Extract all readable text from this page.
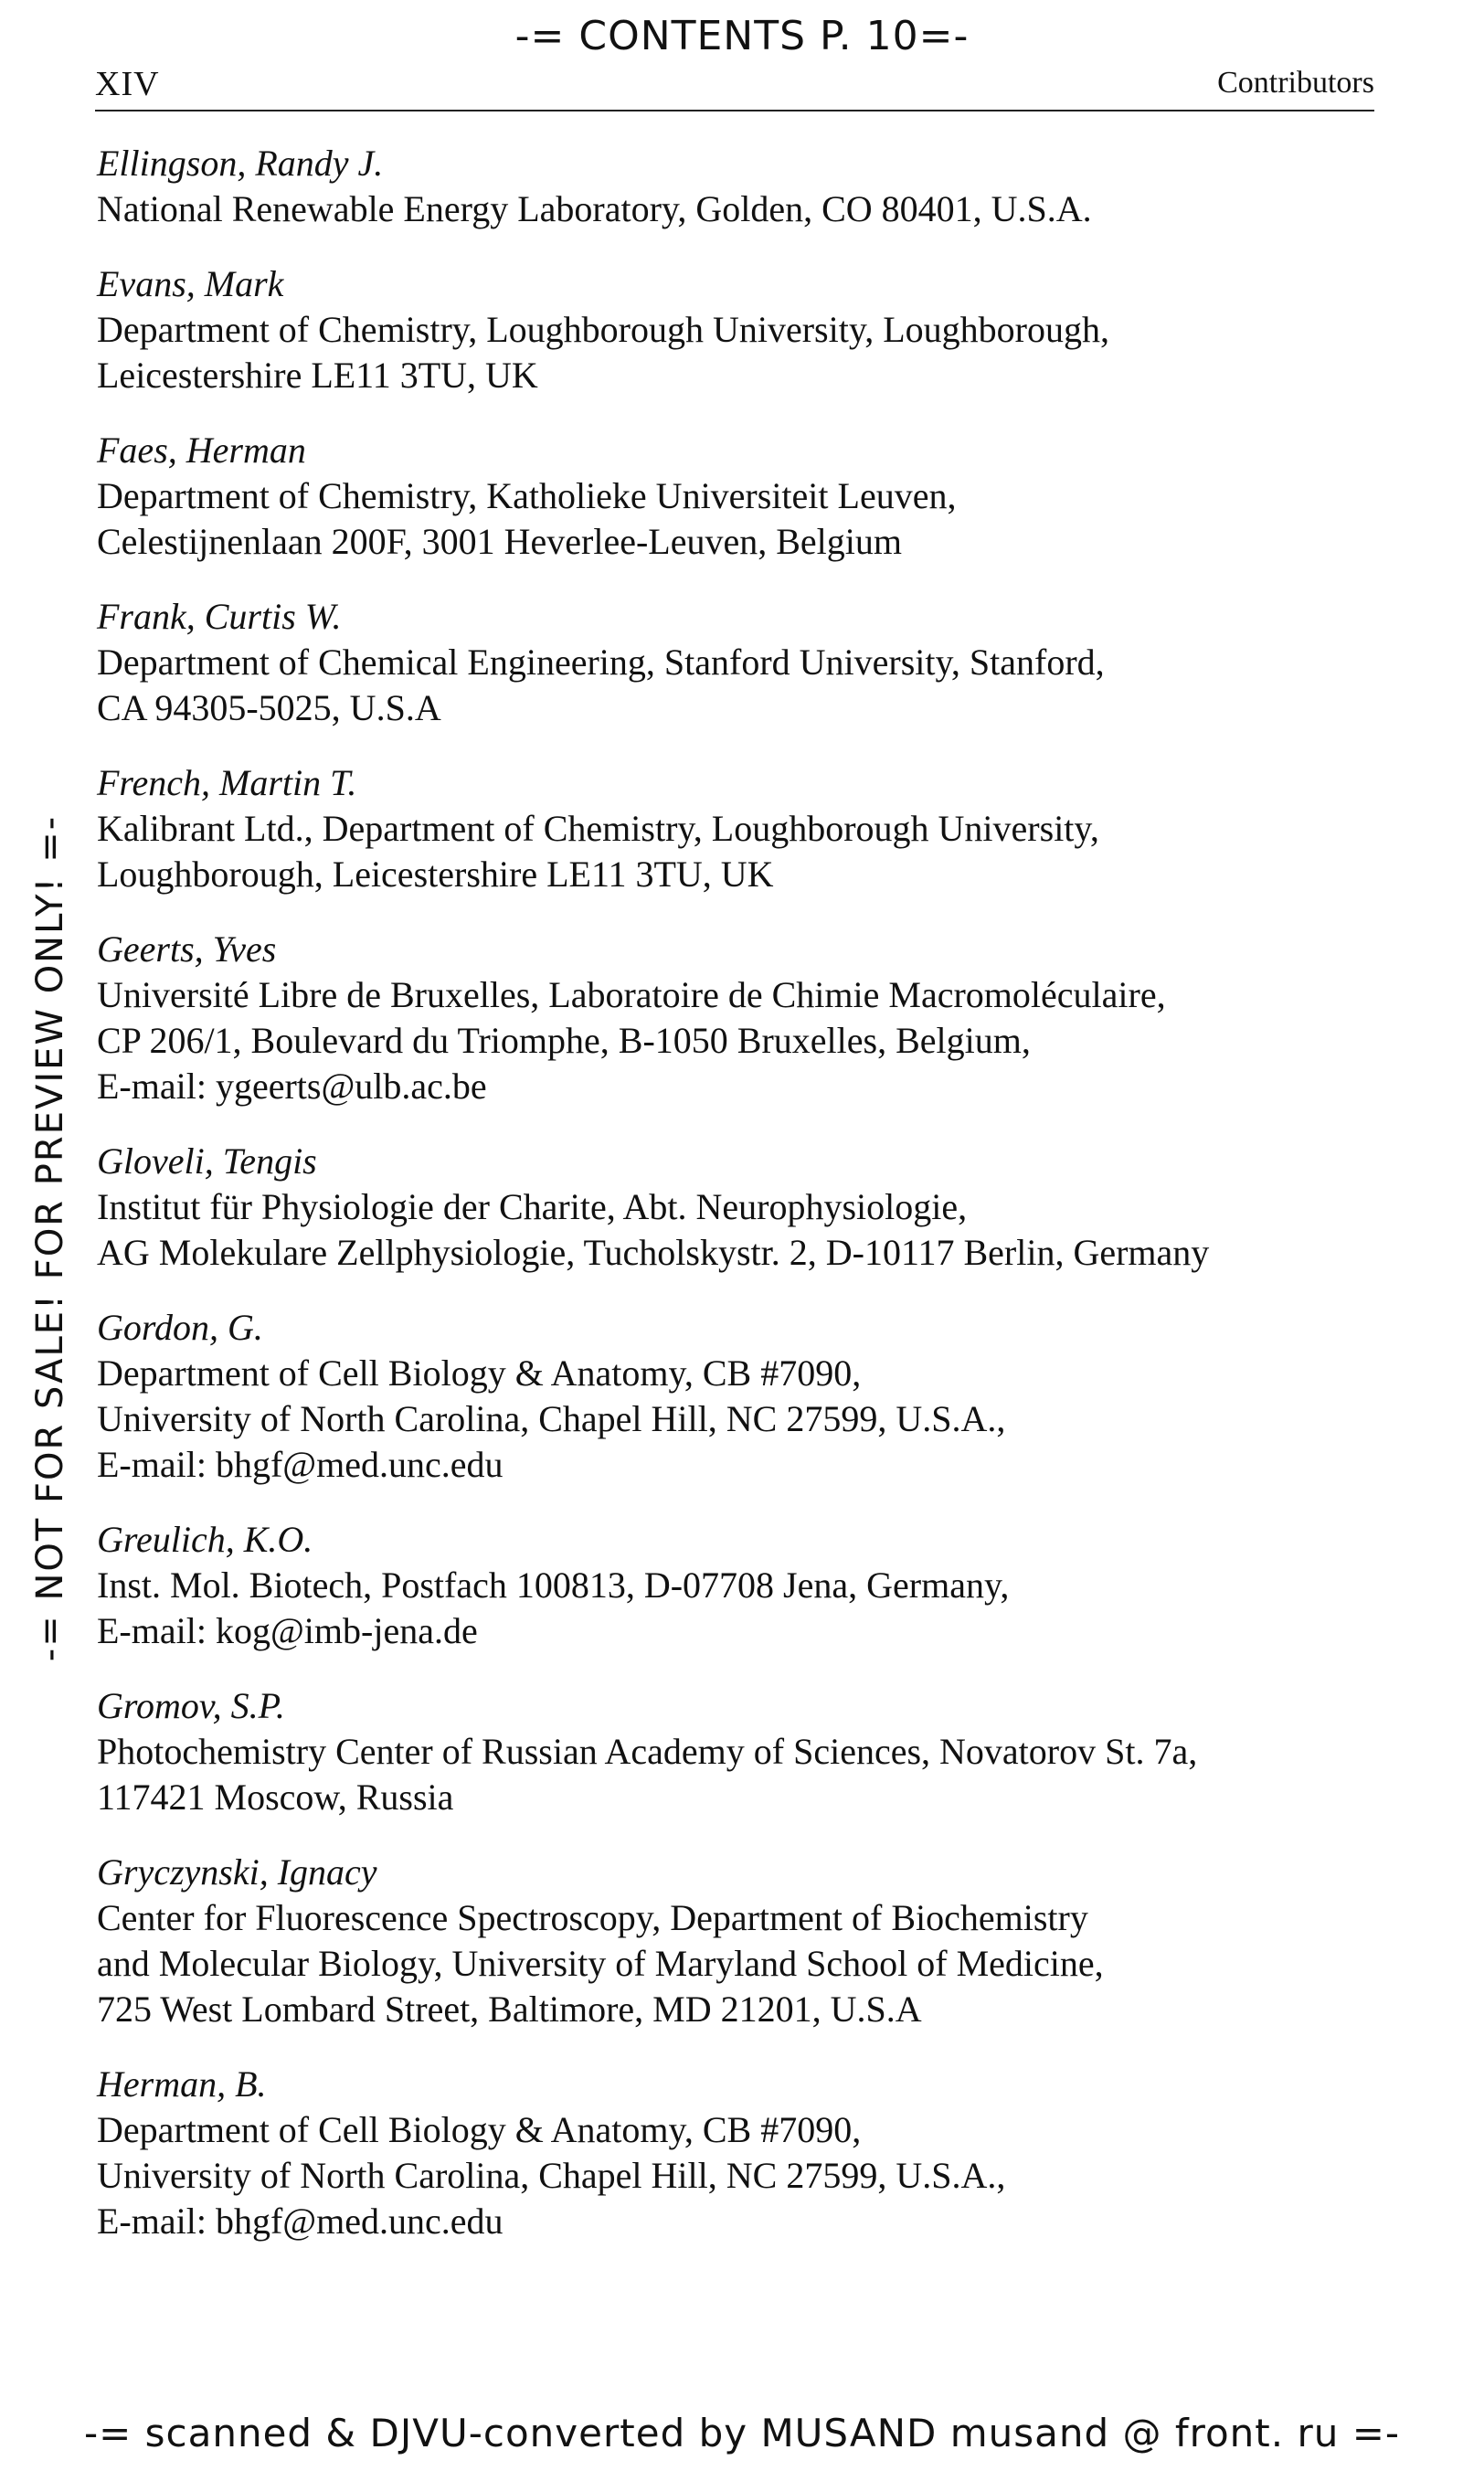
-= CONTENTS P. 10=-
XIV	Contributors
-= NOT FOR SALE! FOR PREVIEW ONLY! =-
Ellingson, Randy J.
National Renewable Energy Laboratory, Golden, CO 80401, U.S.A.
Evans, Mark
Department of Chemistry, Loughborough University, Loughborough,
Leicestershire LE11 3TU, UK
Faes, Herman
Department of Chemistry, Katholieke Universiteit Leuven,
Celestijnenlaan 200F, 3001 Heverlee-Leuven, Belgium
Frank, Curtis W.
Department of Chemical Engineering, Stanford University, Stanford,
CA 94305-5025, U.S.A
French, Martin T.
Kalibrant Ltd., Department of Chemistry, Loughborough University,
Loughborough, Leicestershire LE11 3TU, UK
Geerts, Yves
Université Libre de Bruxelles, Laboratoire de Chimie Macromoléculaire,
CP 206/1, Boulevard du Triomphe, B-1050 Bruxelles, Belgium,
E-mail: ygeerts@ulb.ac.be
Gloveli, Tengis
Institut für Physiologie der Charite, Abt. Neurophysiologie,
AG Molekulare Zellphysiologie, Tucholskystr. 2, D-10117 Berlin, Germany
Gordon, G.
Department of Cell Biology & Anatomy, CB #7090,
University of North Carolina, Chapel Hill, NC 27599, U.S.A.,
E-mail: bhgf@med.unc.edu
Greulich, K.O.
Inst. Mol. Biotech, Postfach 100813, D-07708 Jena, Germany,
E-mail: kog@imb-jena.de
Gromov, S.P.
Photochemistry Center of Russian Academy of Sciences, Novatorov St. 7a,
117421 Moscow, Russia
Gryczynski, Ignacy
Center for Fluorescence Spectroscopy, Department of Biochemistry
and Molecular Biology, University of Maryland School of Medicine,
725 West Lombard Street, Baltimore, MD 21201, U.S.A
Herman, B.
Department of Cell Biology & Anatomy, CB #7090,
University of North Carolina, Chapel Hill, NC 27599, U.S.A.,
E-mail: bhgf@med.unc.edu
-= scanned & DJVU-converted by MUSAND musand @ front. ru =-
